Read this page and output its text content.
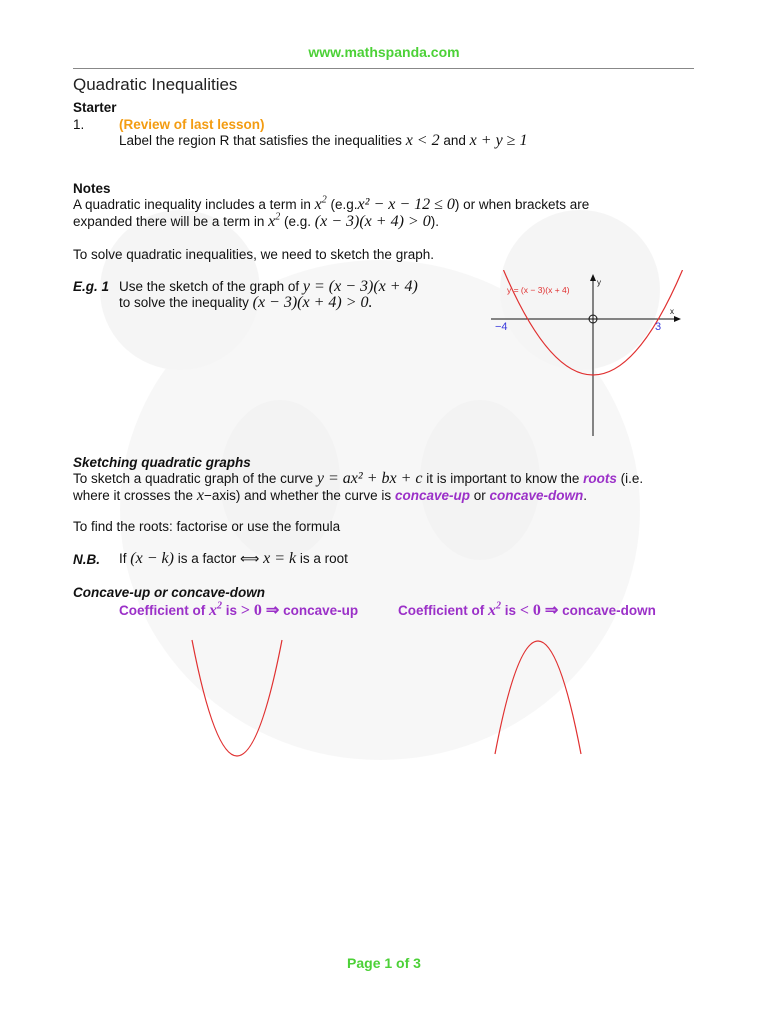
www.mathspanda.com
Quadratic Inequalities
Starter
1.	(Review of last lesson)
Label the region R that satisfies the inequalities x < 2 and x + y ≥ 1
Notes
A quadratic inequality includes a term in $x^2$ (e.g.x² − x − 12 ≤ 0) or when brackets are
expanded there will be a term in $x^2$ (e.g. (x − 3)(x + 4) > 0).
To solve quadratic inequalities, we need to sketch the graph.
E.g. 1 Use the sketch of the graph of y = (x − 3)(x + 4)
to solve the inequality (x − 3)(x + 4) > 0.
y = (x − 3)(x + 4)
y
x
−4	3
Sketching quadratic graphs
To sketch a quadratic graph of the curve y = ax² + bx + c it is important to know the roots (i.e.
where it crosses the x−axis) and whether the curve is concave-up or concave-down.
To find the roots: factorise or use the formula
N.B. If (x − k) is a factor ⟺ x = k is a root
Concave-up or concave-down
Coefficient of $x^2$ is > 0 ⇒ concave-up	Coefficient of $x^2$ is < 0 ⇒ concave-down
Page 1 of 3
